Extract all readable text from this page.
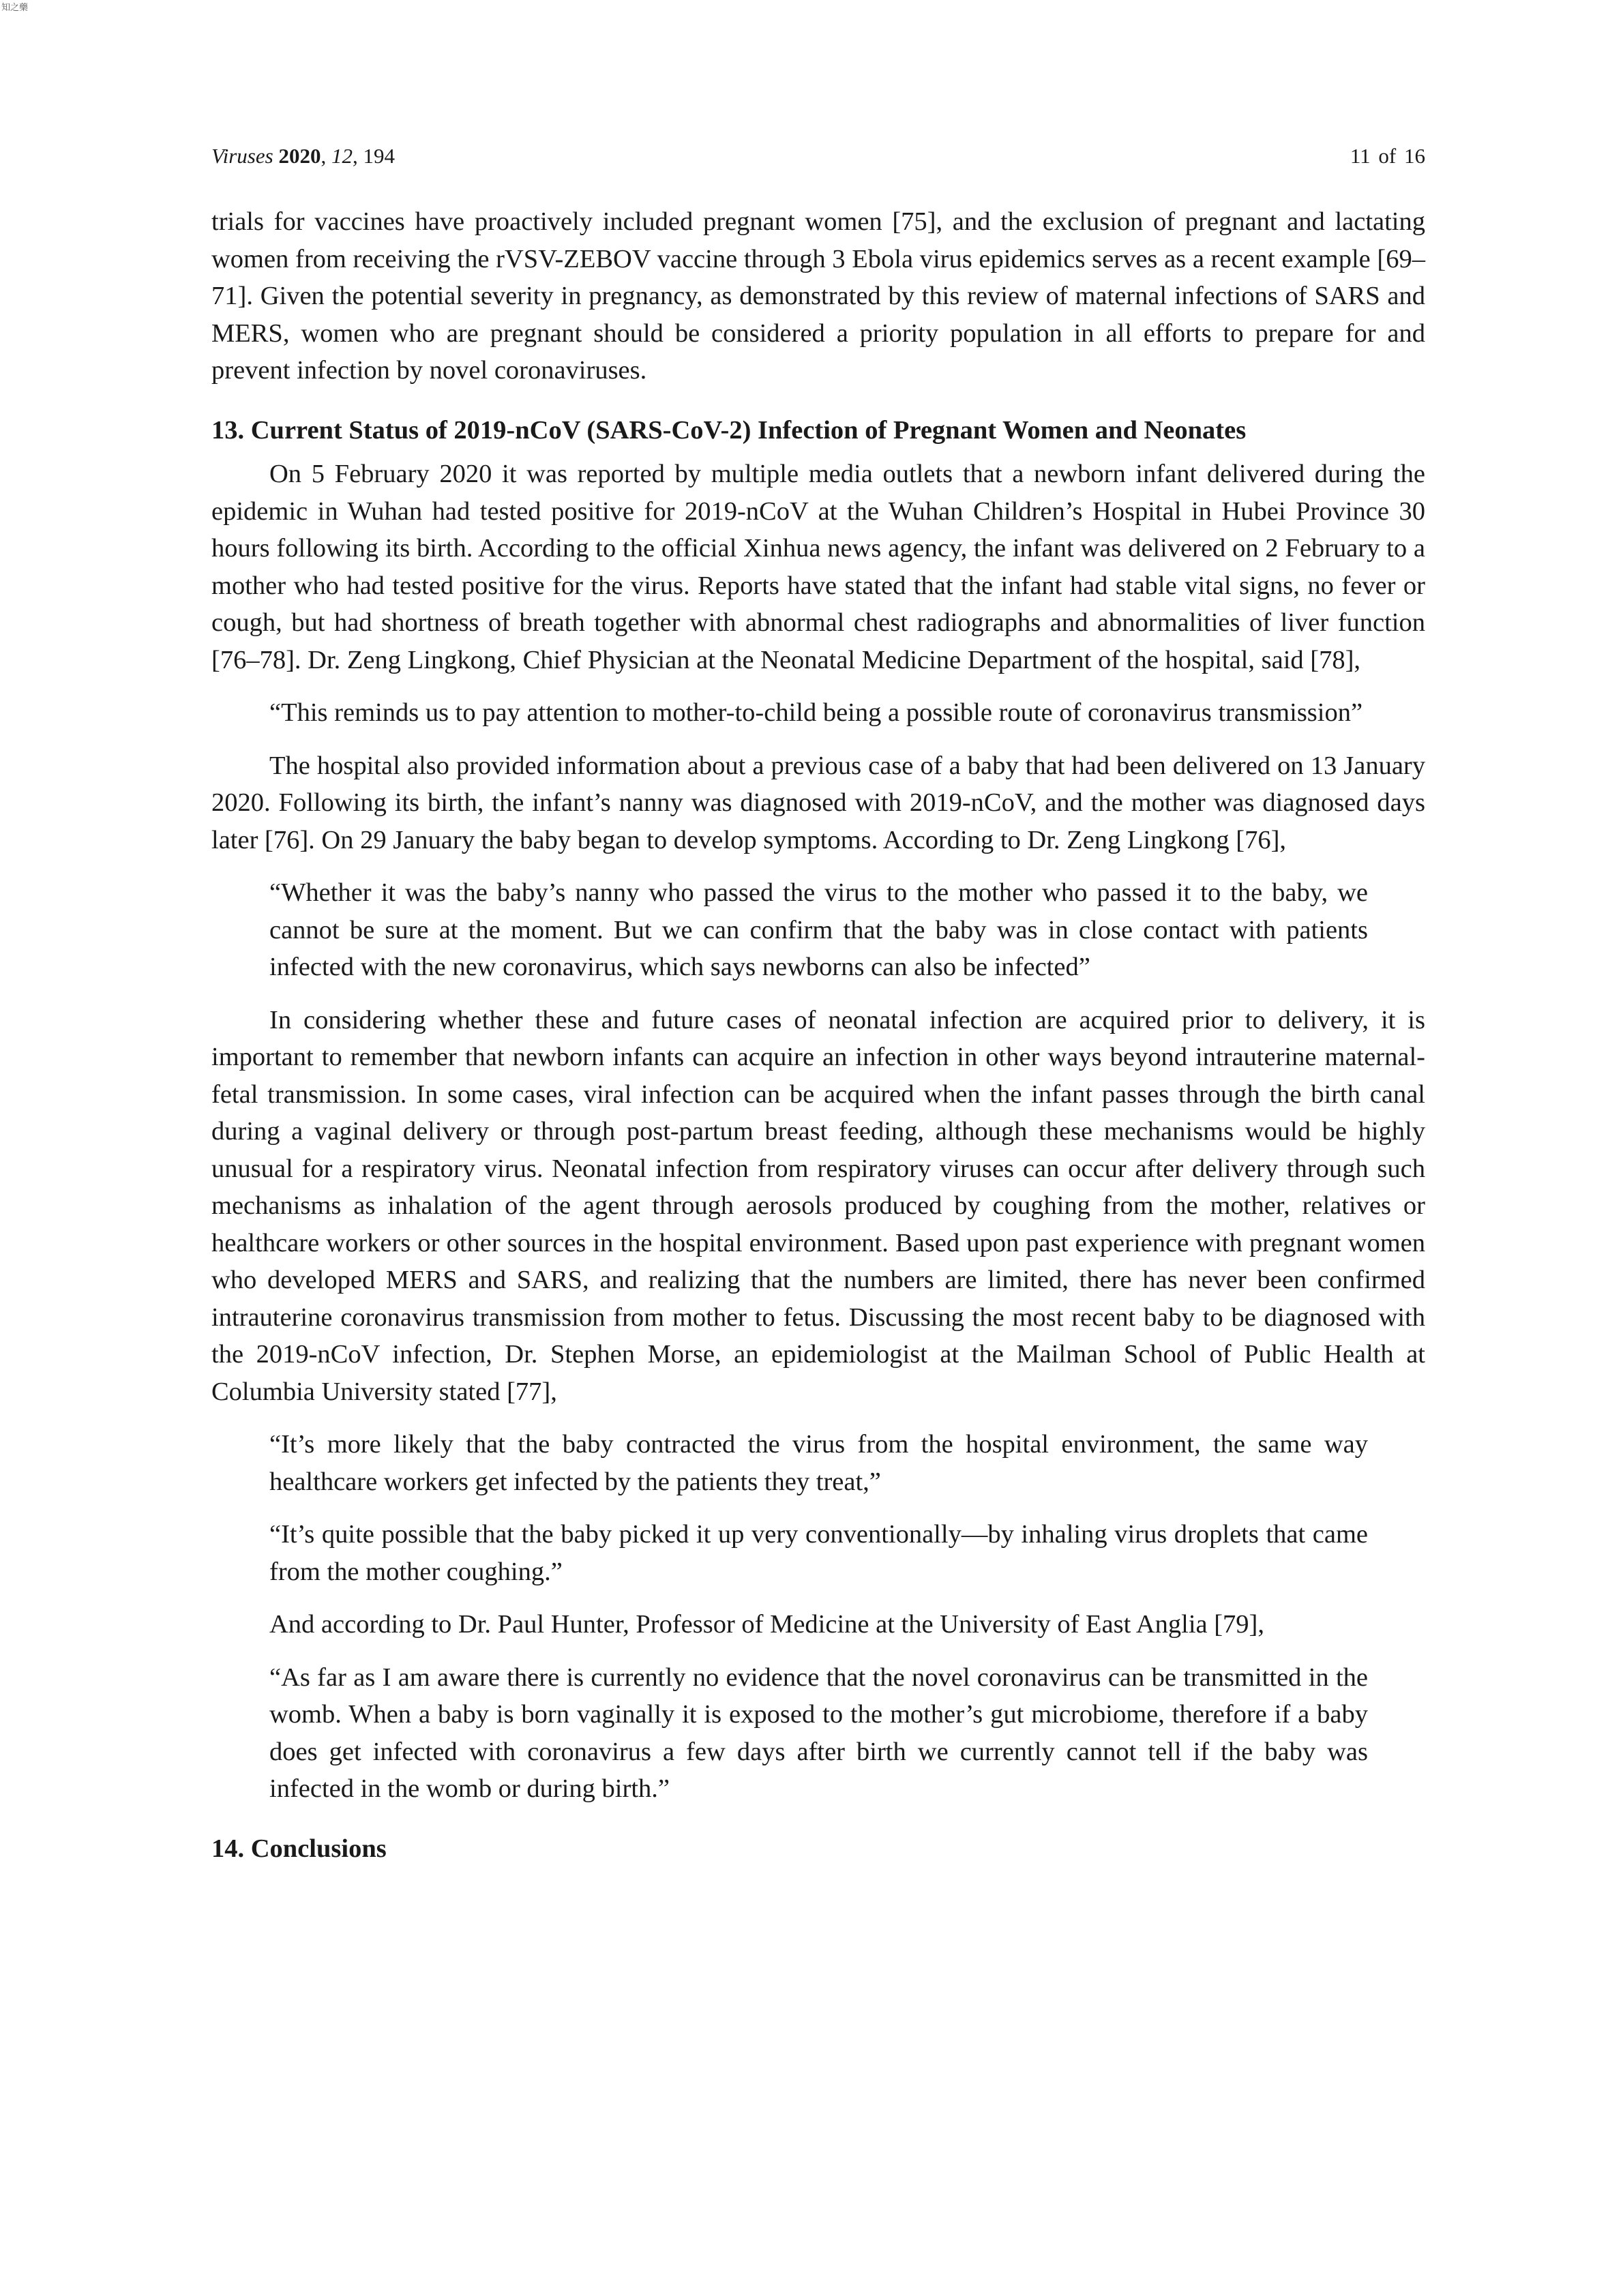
知之藥
Viruses 2020, 12, 194	11 of 16

trials for vaccines have proactively included pregnant women [75], and the exclusion of pregnant and lactating women from receiving the rVSV-ZEBOV vaccine through 3 Ebola virus epidemics serves as a recent example [69–71]. Given the potential severity in pregnancy, as demonstrated by this review of maternal infections of SARS and MERS, women who are pregnant should be considered a priority population in all efforts to prepare for and prevent infection by novel coronaviruses.

13. Current Status of 2019-nCoV (SARS-CoV-2) Infection of Pregnant Women and Neonates

On 5 February 2020 it was reported by multiple media outlets that a newborn infant delivered during the epidemic in Wuhan had tested positive for 2019-nCoV at the Wuhan Children’s Hospital in Hubei Province 30 hours following its birth. According to the official Xinhua news agency, the infant was delivered on 2 February to a mother who had tested positive for the virus. Reports have stated that the infant had stable vital signs, no fever or cough, but had shortness of breath together with abnormal chest radiographs and abnormalities of liver function [76–78]. Dr. Zeng Lingkong, Chief Physician at the Neonatal Medicine Department of the hospital, said [78],

“This reminds us to pay attention to mother-to-child being a possible route of coronavirus transmission”

The hospital also provided information about a previous case of a baby that had been delivered on 13 January 2020. Following its birth, the infant’s nanny was diagnosed with 2019-nCoV, and the mother was diagnosed days later [76]. On 29 January the baby began to develop symptoms. According to Dr. Zeng Lingkong [76],

“Whether it was the baby’s nanny who passed the virus to the mother who passed it to the baby, we cannot be sure at the moment. But we can confirm that the baby was in close contact with patients infected with the new coronavirus, which says newborns can also be infected”

In considering whether these and future cases of neonatal infection are acquired prior to delivery, it is important to remember that newborn infants can acquire an infection in other ways beyond intrauterine maternal-fetal transmission. In some cases, viral infection can be acquired when the infant passes through the birth canal during a vaginal delivery or through post-partum breast feeding, although these mechanisms would be highly unusual for a respiratory virus. Neonatal infection from respiratory viruses can occur after delivery through such mechanisms as inhalation of the agent through aerosols produced by coughing from the mother, relatives or healthcare workers or other sources in the hospital environment. Based upon past experience with pregnant women who developed MERS and SARS, and realizing that the numbers are limited, there has never been confirmed intrauterine coronavirus transmission from mother to fetus. Discussing the most recent baby to be diagnosed with the 2019-nCoV infection, Dr. Stephen Morse, an epidemiologist at the Mailman School of Public Health at Columbia University stated [77],

“It’s more likely that the baby contracted the virus from the hospital environment, the same way healthcare workers get infected by the patients they treat,”

“It’s quite possible that the baby picked it up very conventionally—by inhaling virus droplets that came from the mother coughing.”

And according to Dr. Paul Hunter, Professor of Medicine at the University of East Anglia [79],

“As far as I am aware there is currently no evidence that the novel coronavirus can be transmitted in the womb. When a baby is born vaginally it is exposed to the mother’s gut microbiome, therefore if a baby does get infected with coronavirus a few days after birth we currently cannot tell if the baby was infected in the womb or during birth.”

14. Conclusions
